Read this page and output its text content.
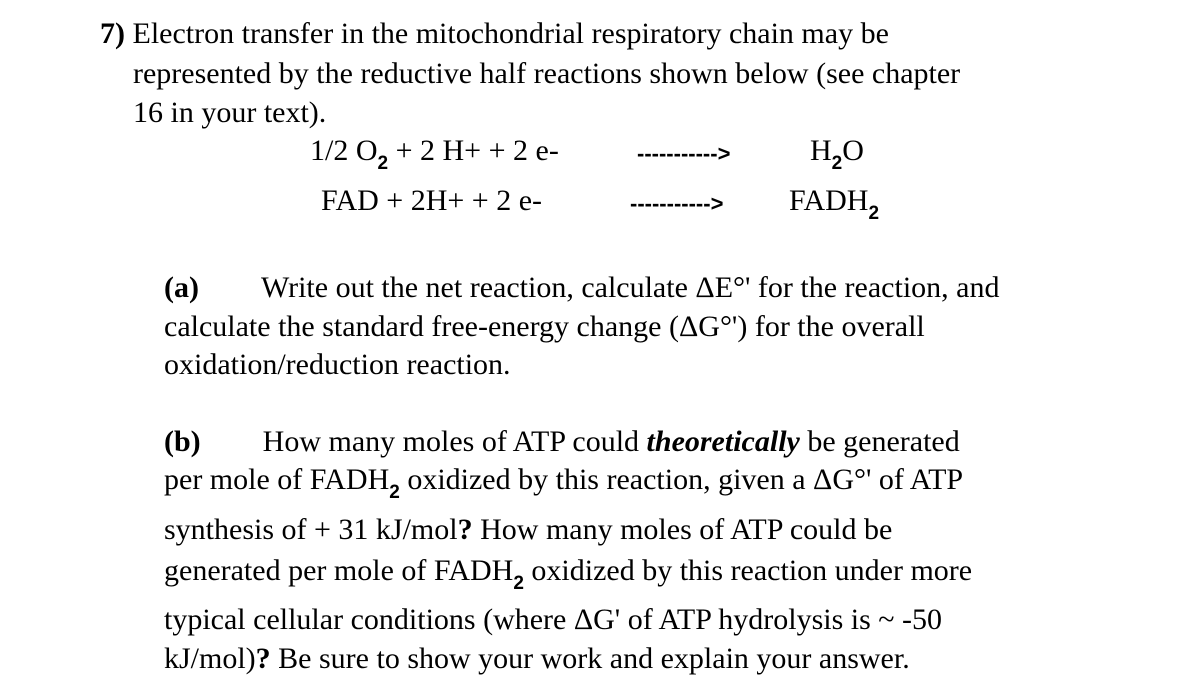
7) Electron transfer in the mitochondrial respiratory chain may be
represented by the reductive half reactions shown below (see chapter
16 in your text).
1/2 $O_2 + 2$ H+ + 2 e-	----------->	$H_2O$
FAD + 2H+ + 2 e-	-----------> $FADH_2$
(a) Write out the net reaction, calculate ΔE°' for the reaction, and
calculate the standard free-energy change (ΔG°') for the overall
oxidation/reduction reaction.
(b) How many moles of ATP could theoretically be generated
per mole of $FADH_2$ oxidized by this reaction, given a ΔG°' of ATP
synthesis of + 31 kJ/mol? How many moles of ATP could be
generated per mole of $FADH_2$ oxidized by this reaction under more
typical cellular conditions (where ΔG' of ATP hydrolysis is ~ -50
kJ/mol)? Be sure to show your work and explain your answer.
